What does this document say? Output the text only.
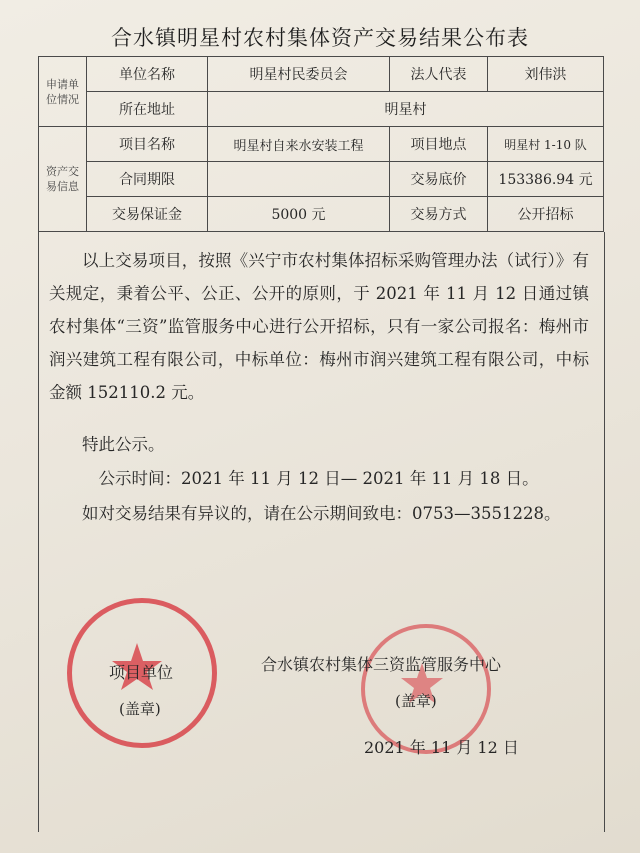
合水镇明星村农村集体资产交易结果公布表
申请单位情况	单位名称	明星村民委员会	法人代表	刘伟洪
	所在地址	明星村		
资产交易信息	项目名称	明星村自来水安装工程	项目地点	明星村 1-10 队
	合同期限		交易底价	153386.94 元
	交易保证金	5000 元	交易方式	公开招标
以上交易项目，按照《兴宁市农村集体招标采购管理办法（试行）》有关规定，秉着公平、公正、公开的原则，于 2021 年 11 月 12 日通过镇农村集体“三资”监管服务中心进行公开招标，只有一家公司报名：梅州市润兴建筑工程有限公司，中标单位：梅州市润兴建筑工程有限公司，中标金额 152110.2 元。
特此公示。
公示时间：2021 年 11 月 12 日— 2021 年 11 月 18 日。
如对交易结果有异议的，请在公示期间致电：0753—3551228。
项目单位
(盖章)
合水镇农村集体三资监管服务中心
(盖章)
2021 年 11 月 12 日
